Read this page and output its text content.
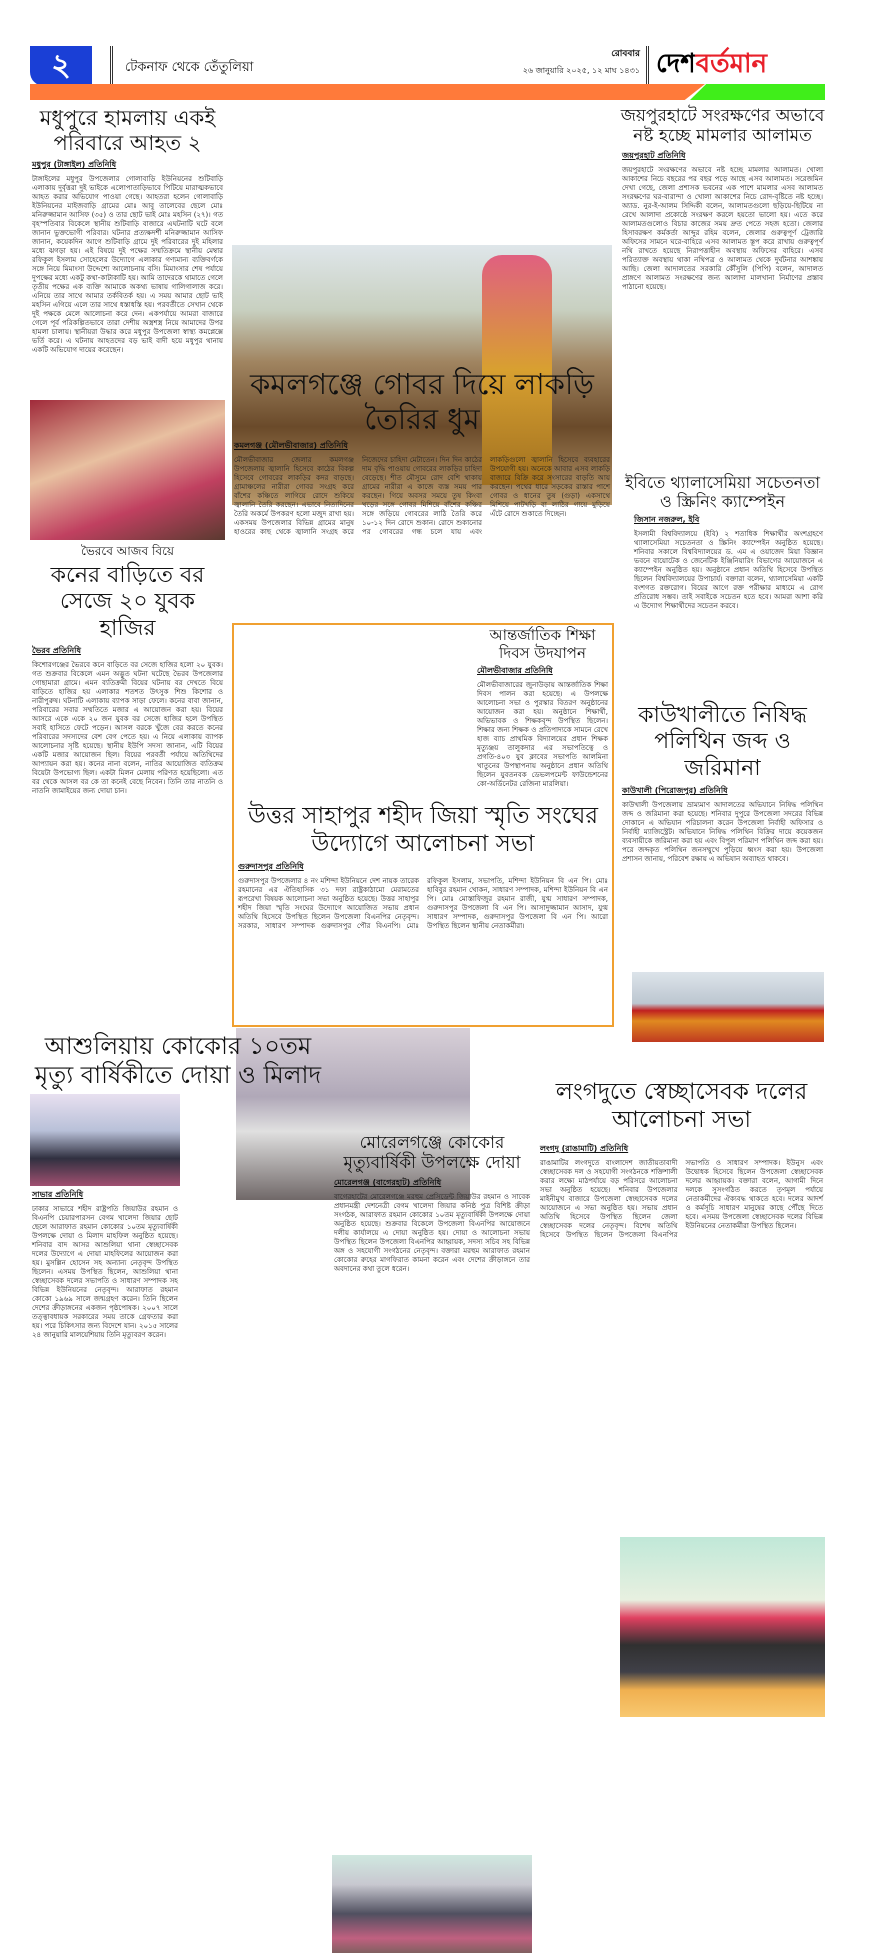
২	টেকনাফ থেকে তেঁতুলিয়া
রোববার
২৬ জানুয়ারি ২০২৫, ১২ মাঘ ১৪৩১ দেশবর্তমান
মধুপুরে হামলায় একই পরিবারে আহত ২
মধুপুর (টাঙ্গাইল) প্রতিনিধি
টাঙ্গাইলের মধুপুর উপজেলার গোলাবাড়ি ইউনিয়নের শুটিবাড়ি এলাকায় দুর্বৃত্তরা দুই ভাইকে এলোপাতাড়িভাবে পিটিয়ে মারাত্মকভাবে আহত করার অভিযোগ পাওয়া গেছে। আহতরা হলেন গোলাবাড়ি ইউনিয়নের মাইজবাড়ি গ্রামের মোঃ আবু তালেবের ছেলে মোঃ মনিরুজ্জামান আসিফ (৩৫) ও তার ছোট ভাই মোঃ মহসিন (২৭)। গত বৃহস্পতিবার বিকেলে স্থানীয় শুটিবাড়ি বাজারে এঘটনাটি ঘটে বলে জানান ভুক্তভোগী পরিবার। ঘটনার প্রত্যক্ষদর্শী মনিরুজ্জামান আসিফ জানান, কয়েকদিন আগে শুটিবাড়ি গ্রামে দুই পরিবারের দুই মহিলার মধ্যে ঝগড়া হয়। এই বিষয়ে দুই পক্ষের সম্মতিক্রমে স্থানীয় মেম্বার রফিকুল ইসলাম সোহেলের উদ্যোগে এলাকার গণ্যমান্য ব্যক্তিবর্গকে সঙ্গে নিয়ে মিমাংসা উদ্দেশ্যে আলোচনায় বসি। মিমাংসার শেষ পর্যায়ে দুপক্ষের মধ্যে একটু কথা-কাটাকাটি হয়। আমি তাদেরকে থামাতে গেলে তৃতীয় পক্ষের এক ব্যক্তি আমাকে অকথ্য ভাষায় গালিগালাজ করে। এনিয়ে তার সাথে আমার তর্কবিতর্ক হয়। এ সময় আমার ছোট ভাই মহসিন এগিয়ে এলে তার সাথে ধস্তাধস্তি হয়। পরবর্তীতে সেখান থেকে দুই পক্ষকে মেলে আলোচনা করে দেন। একপর্যায়ে আমরা বাজারে গেলে পূর্ব পরিকল্পিতভাবে তারা দেশীয় অস্ত্রশস্ত্র নিয়ে আমাদের উপর হামলা চালায়। স্থানীয়রা উদ্ধার করে মধুপুর উপজেলা স্বাস্থ্য কমপ্লেক্সে ভর্তি করে। এ ঘটনায় আহতদের বড় ভাই বাদী হয়ে মধুপুর থানায় একটি অভিযোগ দায়ের করেছেন।
ভৈরবে আজব বিয়ে
কনের বাড়িতে বর সেজে ২০ যুবক হাজির
ভৈরব প্রতিনিধি
কিশোরগঞ্জের ভৈরবে কনে বাড়িতে বর সেজে হাজির হলো ২০ যুবক। গত শুক্রবার বিকেলে এমন অদ্ভুত ঘটনা ঘটেছে ভৈরব উপজেলার গোছামারা গ্রামে। এমন ব্যতিক্রমী বিয়ের ঘটনায় বর দেখতে বিয়ে বাড়িতে হাজির হয় এলাকার শতশত উৎসুক শিশু কিশোর ও নারীপুরুষ। ঘটনাটি এলাকায় ব্যাপক সাড়া ফেলে। কনের বাবা জানান, পরিবারের সবার সম্মতিতে মজার এ আয়োজন করা হয়। বিয়ের আসরে একে একে ২০ জন যুবক বর সেজে হাজির হলে উপস্থিত সবাই হাসিতে ফেটে পড়েন। আসল বরকে খুঁজে বের করতে কনের পরিবারের সদস্যদের বেশ বেগ পেতে হয়। এ নিয়ে এলাকায় ব্যাপক আলোচনার সৃষ্টি হয়েছে। স্থানীয় ইউপি সদস্য জানান, এটি বিয়ের একটি মজার আয়োজন ছিল। বিয়ের পরবর্তী পর্যায়ে অতিথিদের আপ্যায়ন করা হয়। কনের নানা বলেন, নাতির আয়োজিত ব্যতিক্রম বিয়েটা উপভোগ্য ছিল। একটা মিলন মেলায় পরিণত হয়েছিলো। এত বর থেকে আসল বর কে তা কনেই বেছে নিবেন। তিনি তার নাতনি ও নাতনি জামাইয়ের জন্য দোয়া চান।
কমলগঞ্জে গোবর দিয়ে লাকড়ি তৈরির ধুম
কমলগঞ্জ (মৌলভীবাজার) প্রতিনিধি
মৌলভীবাজার জেলার কমলগঞ্জ উপজেলায় জ্বালানি হিসেবে কাঠের বিকল্প হিসেবে গোবরের লাকড়ির কদর বাড়ছে। গ্রামাঞ্চলের নারীরা গোবর সংগ্রহ করে বাঁশের কঞ্চিতে লাগিয়ে রোদে শুকিয়ে জ্বালানি তৈরি করছেন। এভাবে নিত্যদিনের তৈরি অকর্মে উপকরণ হলো মজুদ রাখা হয়। একসময় উপজেলার বিভিন্ন গ্রামের মানুষ হাওরের কাছ থেকে জ্বালানি সংগ্রহ করে নিজেদের চাহিদা মেটাতেন। দিন দিন কাঠের দাম বৃদ্ধি পাওয়ায় গোবরের লাকড়ির চাহিদা বেড়েছে। শীত মৌসুমে রোদ বেশি থাকায় গ্রামের নারীরা এ কাজে ব্যস্ত সময় পার করছেন। গিয়ে অবসর সময়ে তুষ কিংবা খড়ের সঙ্গে গোবর মিশিয়ে বাঁশের কঞ্চির সঙ্গে জড়িয়ে গোবরের লাঠি তৈরি করে ১০-১২ দিন রোদে শুকান। রোদে শুকানোর পর গোবরের গন্ধ চলে যায় এবং লাকড়িগুলো জ্বালানি হিসেবে ব্যবহারের উপযোগী হয়। অনেকে আবার এসব লাকড়ি বাজারে বিক্রি করে সংসারের বাড়তি আয় করছেন। পথের ধারে সড়কের রাস্তার পাশে গোবর ও ধানের তুষ (গুড়া) একসাথে মিশিয়ে পাটখড়ি বা লাঠির গায়ে মুড়িয়ে এঁটে রোদে শুকাতে দিচ্ছেন।
আন্তর্জাতিক শিক্ষা দিবস উদযাপন
মৌলভীবাজার প্রতিনিধি
মৌলভীবাজারের জুনাউড়ায় আন্তর্জাতিক শিক্ষা দিবস পালন করা হয়েছে। এ উপলক্ষে আলোচনা সভা ও পুরস্কার বিতরণ অনুষ্ঠানের আয়োজন করা হয়। অনুষ্ঠানে শিক্ষার্থী, অভিভাবক ও শিক্ষকবৃন্দ উপস্থিত ছিলেন। শিক্ষার জন্য শিক্ষক ও প্রতিপাদ্যকে সামনে রেখে হাজ ব্যাচ প্রাথমিক বিদ্যালয়ের প্রধান শিক্ষক মৃত্যুঞ্জয় তালুকদার এর সভাপতিত্বে ও প্রগতি-৪০৩ যুব ক্লাবের সভাপতি আলমিনা খাতুনের উপস্থাপনায় অনুষ্ঠানে প্রধান অতিথি ছিলেন যুবতনবক ডেভলপমেন্ট ফাউন্ডেশনের কো-অর্ডিনেটর রেজিনা মারলিয়া।
উত্তর সাহাপুর শহীদ জিয়া স্মৃতি সংঘের উদ্যোগে আলোচনা সভা
গুরুদাসপুর প্রতিনিধি
গুরুদাসপুর উপজেলার ৪ নং মশিন্দা ইউনিয়নে দেশ নায়ক তারেক রহমানের এর ঐতিহাসিক ৩১ দফা রাষ্ট্রকাঠামো মেরামতের রূপরেখা বিষয়ক আলোচনা সভা অনুষ্ঠিত হয়েছে। উত্তর সাহাপুর শহীদ জিয়া স্মৃতি সংঘের উদ্যোগে আয়োজিত সভায় প্রধান অতিথি হিসেবে উপস্থিত ছিলেন উপজেলা বিএনপির নেতৃবৃন্দ। সরকার, সাধারণ সম্পাদক গুরুদাসপুর পৌর বিএনপি। মোঃ রফিকুল ইসলাম, সভাপতি, মশিন্দা ইউনিয়ন বি এন পি। মোঃ হাবিবুর রহমান খোকন, সাধারণ সম্পাদক, মশিন্দা ইউনিয়ন বি এন পি। মোঃ মোস্তাফিজুর রহমান রাজী, যুগ্ম সাধারণ সম্পাদক, গুরুদাসপুর উপজেলা বি এন পি। আসাদুজ্জামান আসাদ, যুগ্ম সাধারণ সম্পাদক, গুরুদাসপুর উপজেলা বি এন পি। আরো উপস্থিত ছিলেন স্থানীয় নেতাকর্মীরা।
জয়পুরহাটে সংরক্ষণের অভাবে নষ্ট হচ্ছে মামলার আলামত
জয়পুরহাট প্রতিনিধি
জয়পুরহাটে সংরক্ষণের অভাবে নষ্ট হচ্ছে মামলার আলামত। খোলা আকাশের নিচে বছরের পর বছর পড়ে আছে এসব আলামত। সরেজমিন দেখা গেছে, জেলা প্রশাসক ভবনের এক পাশে মামলার এসব আলামত সংরক্ষণের ঘর-বারান্দা ও খোলা আকাশের নিচে রোদ-বৃষ্টিতে নষ্ট হচ্ছে। অ্যাড. নুর-ই-আলম সিদ্দিকী বলেন, আলামতগুলো ছড়িয়ে-ছিটিয়ে না রেখে আলাদা প্রকোষ্ঠে সংরক্ষণ করলে হয়তো ভালো হয়। এতে করে আলামতগুলোও বিচার কাজের সময় দ্রুত পেতে সহজ হতো। জেলার হিসাবরক্ষণ কর্মকর্তা আব্দুর রহিম বলেন, জেলার গুরুত্বপূর্ণ ট্রেজারি অফিসের সামনে ঘরে-বাহিরে এসব আলামত স্তূপ করে রাখায় গুরুত্বপূর্ণ নথি রাখতে হয়েছে নিরাপত্তাহীন অবস্থায় অফিসের বাহিরে। এসব পরিত্যাক্ত অবস্থায় থাকা নথিপত্র ও আলামত থেকে দুর্ঘটনার আশঙ্কায় আছি। জেলা আদালতের সরকারি কৌঁসুলি (পিপি) বলেন, আদালত প্রাঙ্গণে আলামত সংরক্ষণের জন্য আলাদা মালখানা নির্মাণের প্রস্তাব পাঠানো হয়েছে।
ইবিতে থ্যালাসেমিয়া সচেতনতা ও স্ক্রিনিং ক্যাম্পেইন
জিসান নজরুল, ইবি
ইসলামী বিশ্ববিদ্যালয়ে (ইবি) ২ শতাধিক শিক্ষার্থীর অংশগ্রহণে থ্যালাসেমিয়া সচেতনতা ও স্ক্রিনিং ক্যাম্পেইন অনুষ্ঠিত হয়েছে। শনিবার সকালে বিশ্ববিদ্যালয়ের ড. এম এ ওয়াজেদ মিয়া বিজ্ঞান ভবনে বায়োটেক ও জেনেটিক ইঞ্জিনিয়ারিং বিভাগের আয়োজনে এ ক্যাম্পেইন অনুষ্ঠিত হয়। অনুষ্ঠানে প্রধান অতিথি হিসেবে উপস্থিত ছিলেন বিশ্ববিদ্যালয়ের উপাচার্য। বক্তারা বলেন, থ্যালাসেমিয়া একটি বংশগত রক্তরোগ। বিয়ের আগে রক্ত পরীক্ষার মাধ্যমে এ রোগ প্রতিরোধ সম্ভব। তাই সবাইকে সচেতন হতে হবে। আমরা আশা করি এ উদ্যোগ শিক্ষার্থীদের সচেতন করবে।
কাউখালীতে নিষিদ্ধ পলিথিন জব্দ ও জরিমানা
কাউখালী (পিরোজপুর) প্রতিনিধি
কাউখালী উপজেলায় ভ্রাম্যমাণ আদালতের অভিযানে নিষিদ্ধ পলিথিন জব্দ ও জরিমানা করা হয়েছে। শনিবার দুপুরে উপজেলা সদরের বিভিন্ন দোকানে এ অভিযান পরিচালনা করেন উপজেলা নির্বাহী অফিসার ও নির্বাহী ম্যাজিস্ট্রেট। অভিযানে নিষিদ্ধ পলিথিন বিক্রির দায়ে কয়েকজন ব্যবসায়ীকে জরিমানা করা হয় এবং বিপুল পরিমাণ পলিথিন জব্দ করা হয়। পরে জব্দকৃত পলিথিন জনসম্মুখে পুড়িয়ে ধ্বংস করা হয়। উপজেলা প্রশাসন জানায়, পরিবেশ রক্ষায় এ অভিযান অব্যাহত থাকবে।
আশুলিয়ায় কোকোর ১০তম মৃত্যু বার্ষিকীতে দোয়া ও মিলাদ
সাভার প্রতিনিধি
ঢাকার সাভারে শহীদ রাষ্ট্রপতি জিয়াউর রহমান ও বিএনপি চেয়ারপারসন বেগম খালেদা জিয়ার ছোট ছেলে আরাফাত রহমান কোকোর ১০তম মৃত্যুবার্ষিকী উপলক্ষে দোয়া ও মিলাদ মাহফিল অনুষ্ঠিত হয়েছে। শনিবার বাদ আসর আশুলিয়া থানা স্বেচ্ছাসেবক দলের উদ্যোগে এ দোয়া মাহফিলের আয়োজন করা হয়। মুসল্লিন হোসেন সহ অন্যান্য নেতৃবৃন্দ উপস্থিত ছিলেন। এসময় উপস্থিত ছিলেন, আশুলিয়া থানা স্বেচ্ছাসেবক দলের সভাপতি ও সাধারণ সম্পাদক সহ বিভিন্ন ইউনিয়নের নেতৃবৃন্দ। আরাফাত রহমান কোকো ১৯৬৯ সালে জন্মগ্রহণ করেন। তিনি ছিলেন দেশের ক্রীড়াঙ্গনের একজন পৃষ্ঠপোষক। ২০০৭ সালে তত্ত্বাবধায়ক সরকারের সময় তাকে গ্রেফতার করা হয়। পরে চিকিৎসার জন্য বিদেশে যান। ২০১৫ সালের ২৪ জানুয়ারি মালয়েশিয়ায় তিনি মৃত্যুবরণ করেন।
মোরেলগঞ্জে কোকোর মৃত্যুবার্ষিকী উপলক্ষে দোয়া
মোরেলগঞ্জ (বাগেরহাট) প্রতিনিধি
বাগেরহাটের মোরেলগঞ্জে মরহুম প্রেসিডেন্ট জিয়াউর রহমান ও সাবেক প্রধানমন্ত্রী দেশনেত্রী বেগম খালেদা জিয়ার কনিষ্ঠ পুত্র বিশিষ্ট ক্রীড়া সংগঠক, আরাফাত রহমান কোকোর ১০তম মৃত্যুবার্ষিকী উপলক্ষে দোয়া অনুষ্ঠিত হয়েছে। শুক্রবার বিকেলে উপজেলা বিএনপির আয়োজনে দলীয় কার্যালয়ে এ দোয়া অনুষ্ঠিত হয়। দোয়া ও আলোচনা সভায় উপস্থিত ছিলেন উপজেলা বিএনপির আহ্বায়ক, সদস্য সচিব সহ বিভিন্ন অঙ্গ ও সহযোগী সংগঠনের নেতৃবৃন্দ। বক্তারা মরহুম আরাফাত রহমান কোকোর রুহের মাগফিরাত কামনা করেন এবং দেশের ক্রীড়াঙ্গনে তার অবদানের কথা তুলে ধরেন।
লংগদুতে স্বেচ্ছাসেবক দলের আলোচনা সভা
লংগদু (রাঙামাটি) প্রতিনিধি
রাঙামাটির লংগদুতে বাংলাদেশ জাতীয়তাবাদী স্বেচ্ছাসেবক দল ও সহযোগী সংগঠনকে শক্তিশালী করার লক্ষ্যে মাঠপর্যায়ে বড় পরিসরে আলোচনা সভা অনুষ্ঠিত হয়েছে। শনিবার উপজেলার মাইনীমুখ বাজারে উপজেলা স্বেচ্ছাসেবক দলের আয়োজনে এ সভা অনুষ্ঠিত হয়। সভায় প্রধান অতিথি হিসেবে উপস্থিত ছিলেন জেলা স্বেচ্ছাসেবক দলের নেতৃবৃন্দ। বিশেষ অতিথি হিসেবে উপস্থিত ছিলেন উপজেলা বিএনপির সভাপতি ও সাধারণ সম্পাদক। ইউনুস এবং উদ্বোধক হিসেবে ছিলেন উপজেলা স্বেচ্ছাসেবক দলের আহ্বায়ক। বক্তারা বলেন, আগামী দিনে দলকে সুসংগঠিত করতে তৃণমূল পর্যায়ে নেতাকর্মীদের ঐক্যবদ্ধ থাকতে হবে। দলের আদর্শ ও কর্মসূচি সাধারণ মানুষের কাছে পৌঁছে দিতে হবে। এসময় উপজেলা স্বেচ্ছাসেবক দলের বিভিন্ন ইউনিয়নের নেতাকর্মীরা উপস্থিত ছিলেন।
